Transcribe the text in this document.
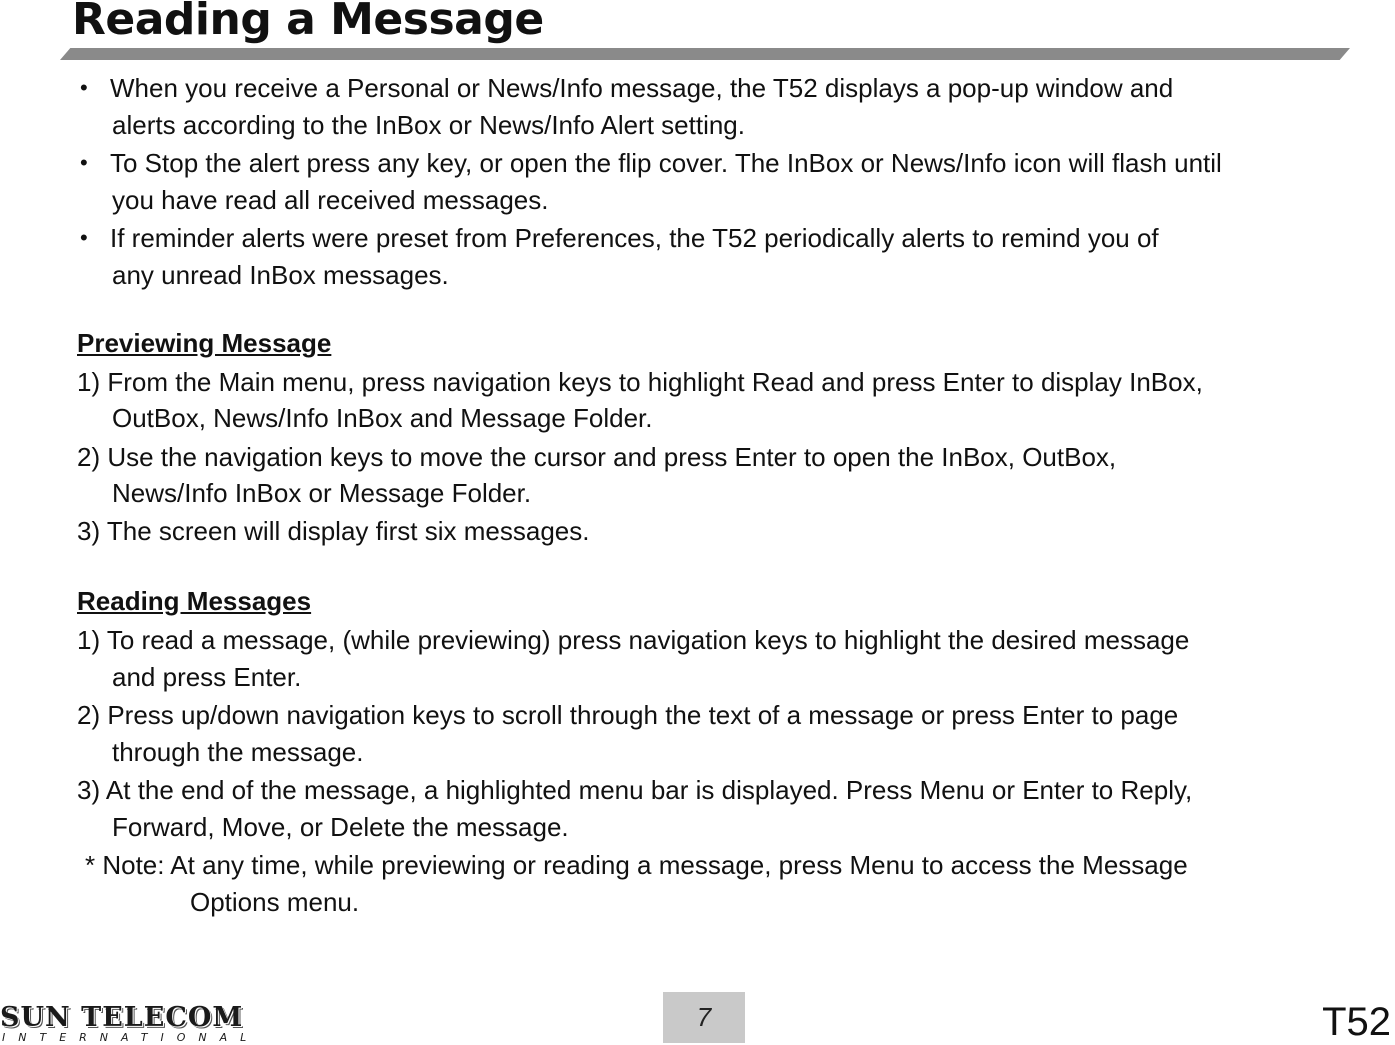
Reading a Message
• When you receive a Personal or News/Info message, the T52 displays a pop-up window and
alerts according to the InBox or News/Info Alert setting.
• To Stop the alert press any key, or open the flip cover. The InBox or News/Info icon will flash until
you have read all received messages.
• If reminder alerts were preset from Preferences, the T52 periodically alerts to remind you of
any unread InBox messages.
Previewing Message
1) From the Main menu, press navigation keys to highlight Read and press Enter to display InBox,
OutBox, News/Info InBox and Message Folder.
2) Use the navigation keys to move the cursor and press Enter to open the InBox, OutBox,
News/Info InBox or Message Folder.
3) The screen will display first six messages.
Reading Messages
1) To read a message, (while previewing) press navigation keys to highlight the desired message
and press Enter.
2) Press up/down navigation keys to scroll through the text of a message or press Enter to page
through the message.
3) At the end of the message, a highlighted menu bar is displayed. Press Menu or Enter to Reply,
Forward, Move, or Delete the message.
* Note: At any time, while previewing or reading a message, press Menu to access the Message
Options menu.
SUN TELECOM
INTERNATIONAL
7	T52
